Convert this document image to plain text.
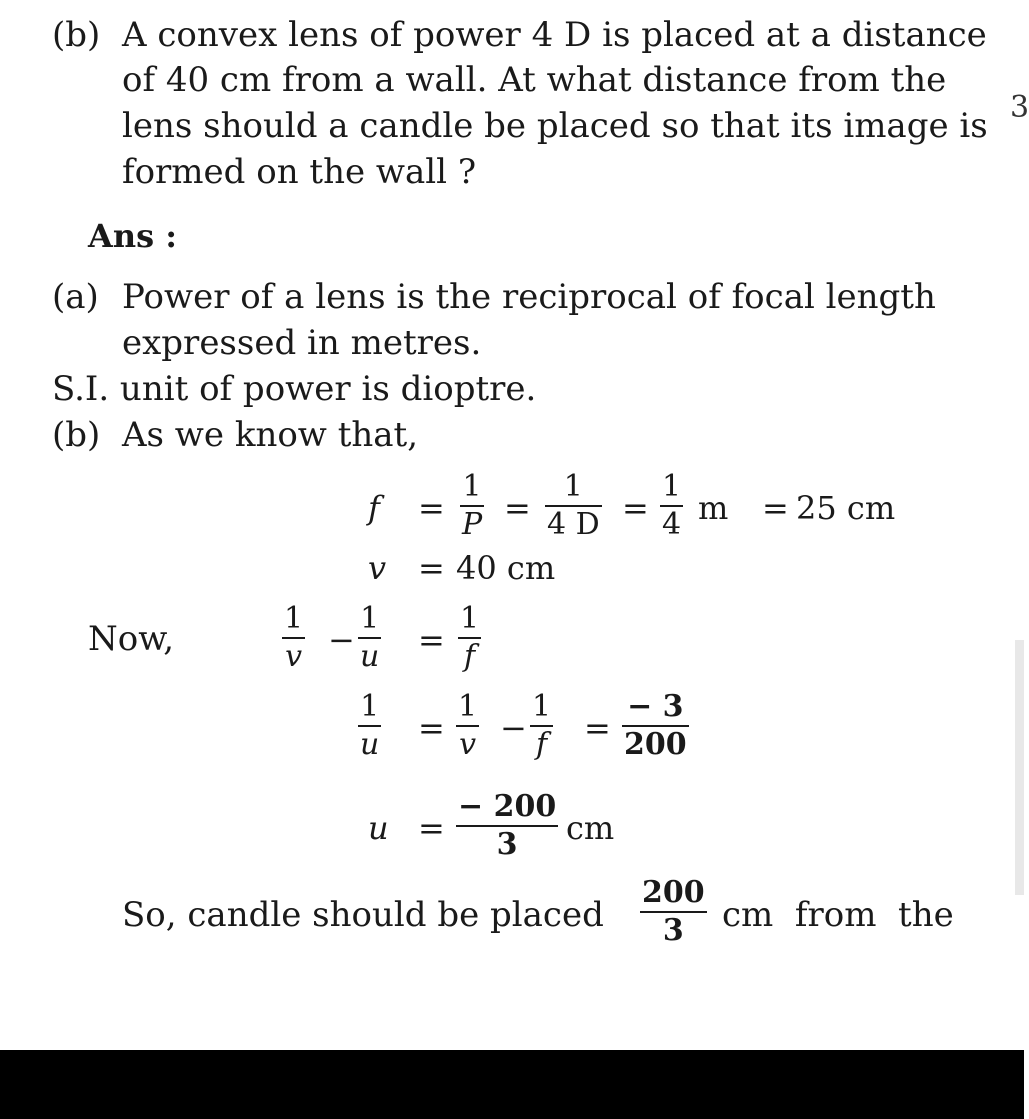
(b) A convex lens of power 4 D is placed at a distance
of 40 cm from a wall. At what distance from the
lens should a candle be placed so that its image is
formed on the wall ?
Ans :
(a) Power of a lens is the reciprocal of focal length
expressed in metres.
S.I. unit of power is dioptre.
(b) As we know that,
f =
1
P =
1
4 D =
1
4 m = 25 cm
v = 40 cm
Now,
1
v −
1
u =
1
f
1
u =
1
v −
1
f =
− 3
200
u =
− 200
3 cm
So, candle should be placed
200
3 cm  from  the
3
